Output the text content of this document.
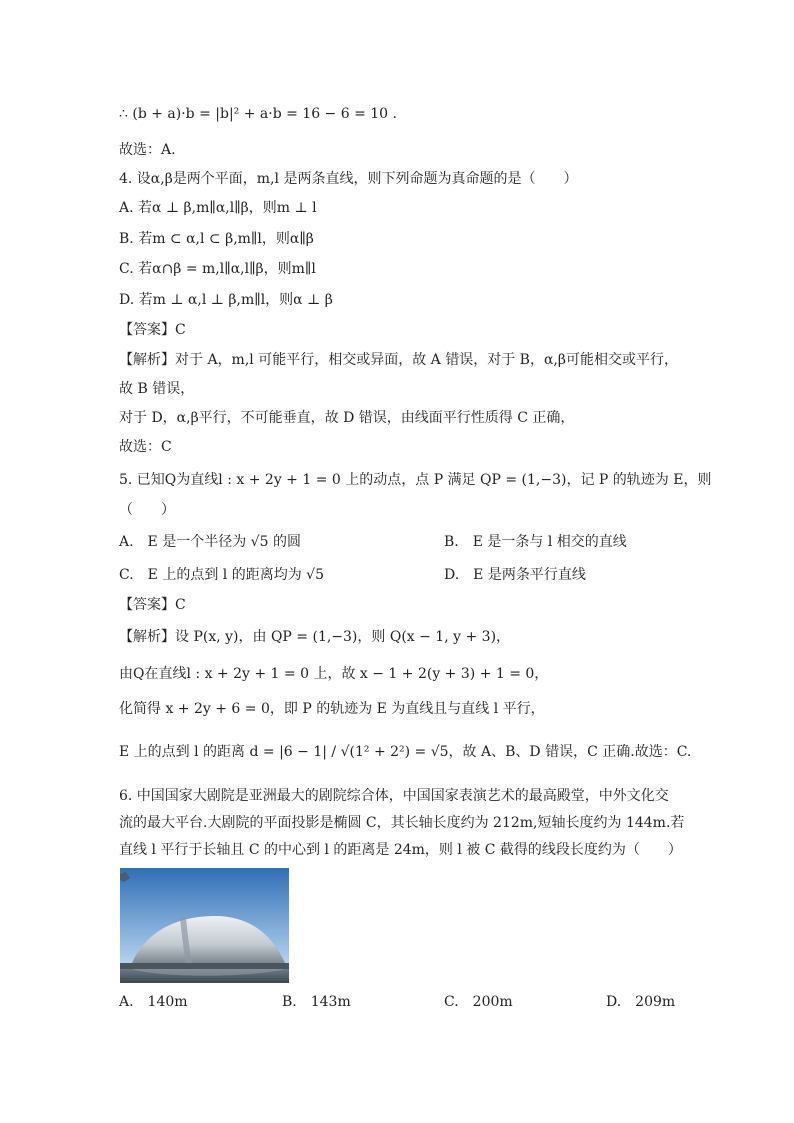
∴ (b + a)·b = |b|² + a·b = 16 − 6 = 10 .
故选：A.
4. 设α,β是两个平面，m,l 是两条直线，则下列命题为真命题的是（　　）
A. 若α ⊥ β,m∥α,l∥β，则m ⊥ l
B. 若m ⊂ α,l ⊂ β,m∥l，则α∥β
C. 若α∩β = m,l∥α,l∥β，则m∥l
D. 若m ⊥ α,l ⊥ β,m∥l，则α ⊥ β
【答案】C
【解析】对于 A，m,l 可能平行，相交或异面，故 A 错误，对于 B，α,β可能相交或平行，
故 B 错误，
对于 D，α,β平行，不可能垂直，故 D 错误，由线面平行性质得 C 正确，
故选：C
5. 已知Q为直线l : x + 2y + 1 = 0 上的动点，点 P 满足 QP = (1,−3)，记 P 的轨迹为 E，则
（　　）
A.　E 是一个半径为 √5 的圆	B.　E 是一条与 l 相交的直线
C.　E 上的点到 l 的距离均为 √5	D.　E 是两条平行直线
【答案】C
【解析】设 P(x, y)，由 QP = (1,−3)，则 Q(x − 1, y + 3)，
由Q在直线l : x + 2y + 1 = 0 上，故 x − 1 + 2(y + 3) + 1 = 0，
化简得 x + 2y + 6 = 0，即 P 的轨迹为 E 为直线且与直线 l 平行，
E 上的点到 l 的距离 d = |6 − 1| / √(1² + 2²) = √5，故 A、B、D 错误，C 正确.故选：C.
6. 中国国家大剧院是亚洲最大的剧院综合体，中国国家表演艺术的最高殿堂，中外文化交
流的最大平台.大剧院的平面投影是椭圆 C，其长轴长度约为 212m,短轴长度约为 144m.若
直线 l 平行于长轴且 C 的中心到 l 的距离是 24m，则 l 被 C 截得的线段长度约为（　　）
A.　140m	B.　143m	C.　200m	D.　209m
